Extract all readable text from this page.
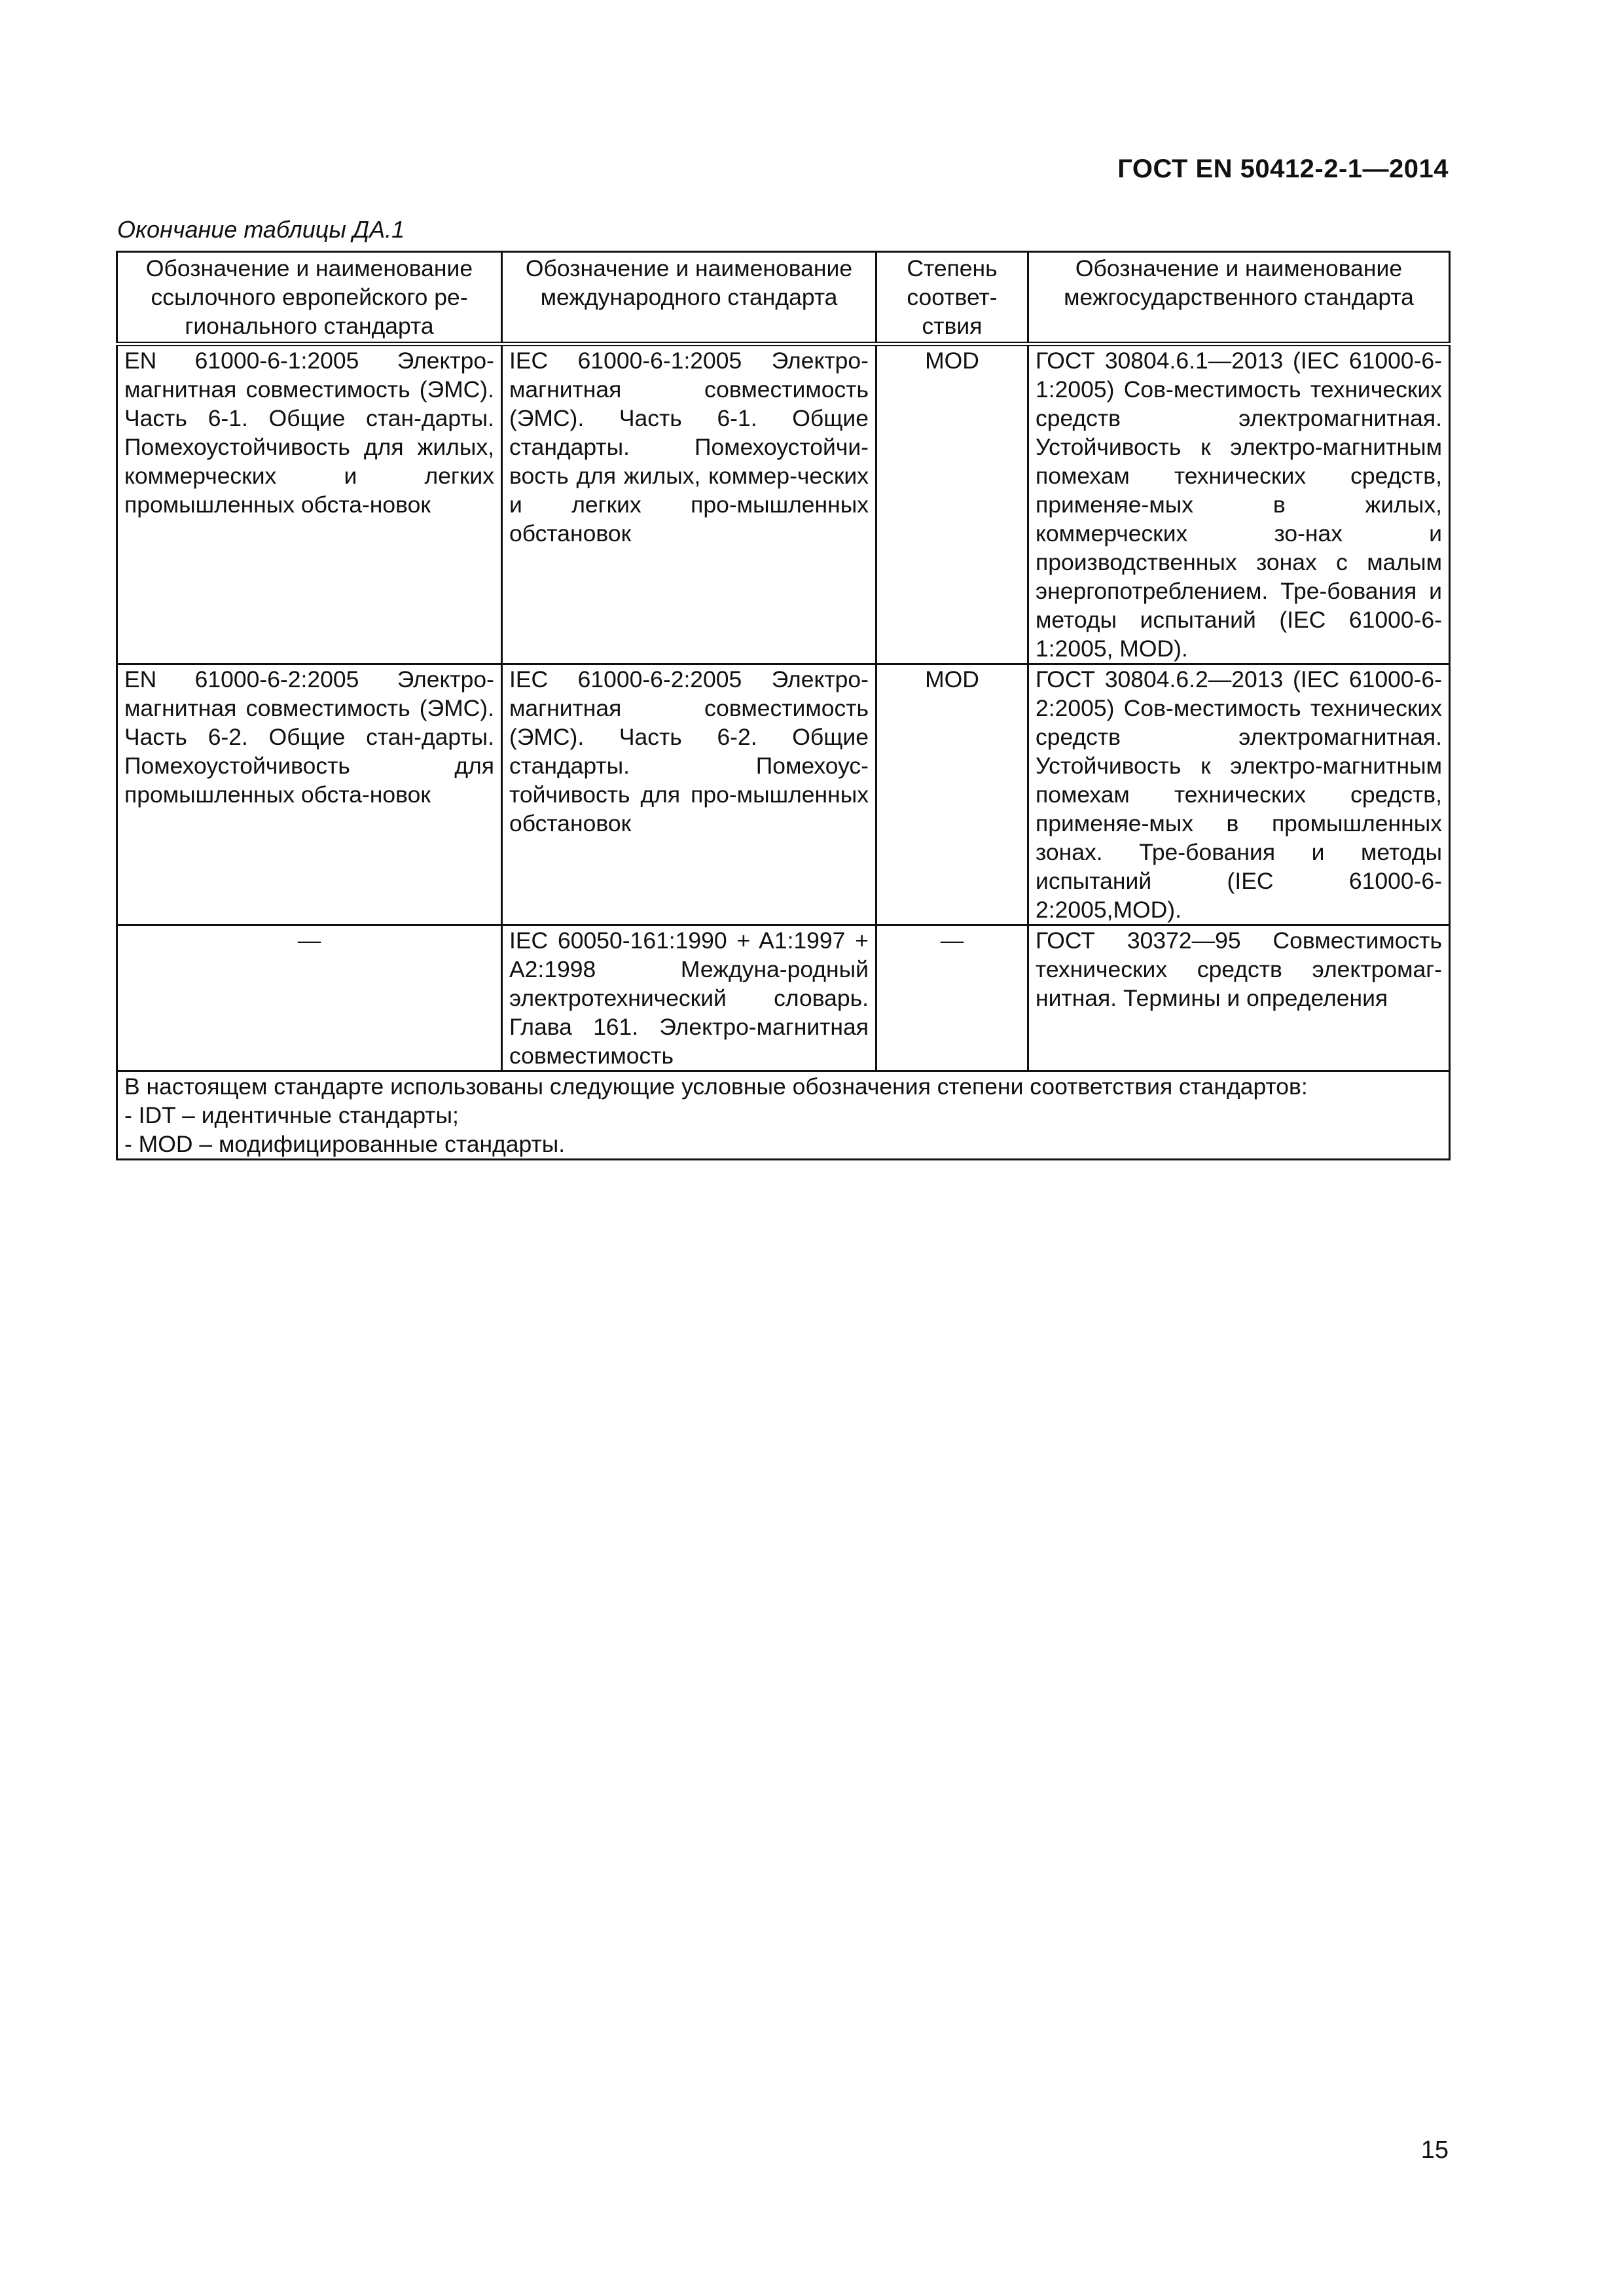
ГОСТ EN 50412-2-1—2014
Окончание таблицы ДА.1
Обозначение и наименование ссылочного европейского ре-гионального стандарта	Обозначение и наименование международного стандарта	Степень соответ-ствия	Обозначение и наименование межгосударственного стандарта
EN 61000-6-1:2005 Электро-магнитная совместимость (ЭМС). Часть 6-1. Общие стан-дарты. Помехоустойчивость для жилых, коммерческих и легких промышленных обста-новок	IEC 61000-6-1:2005 Электро-магнитная совместимость (ЭМС). Часть 6-1. Общие стандарты. Помехоустойчи-вость для жилых, коммер-ческих и легких про-мышленных обстановок	MOD	ГОСТ 30804.6.1—2013 (IEC 61000-6-1:2005) Сов-местимость технических средств электромагнитная. Устойчивость к электро-магнитным помехам технических средств, применяе-мых в жилых, коммерческих зо-нах и производственных зонах с малым энергопотреблением. Тре-бования и методы испытаний (IEC 61000-6-1:2005, MOD).
EN 61000-6-2:2005 Электро-магнитная совместимость (ЭМС). Часть 6-2. Общие стан-дарты. Помехоустойчивость для промышленных обста-новок	IEC 61000-6-2:2005 Электро-магнитная совместимость (ЭМС). Часть 6-2. Общие стандарты. Помехоус-тойчивость для про-мышленных обстановок	MOD	ГОСТ 30804.6.2—2013 (IEC 61000-6-2:2005) Сов-местимость технических средств электромагнитная. Устойчивость к электро-магнитным помехам технических средств, применяе-мых в промышленных зонах. Тре-бования и методы испытаний (IEC 61000-6-2:2005,MOD).
—	IEC 60050-161:1990 + A1:1997 + A2:1998 Междуна-родный электротехнический словарь. Глава 161. Электро-магнитная совместимость	—	ГОСТ 30372—95 Совместимость технических средств электромаг-нитная. Термины и определения

В настоящем стандарте использованы следующие условные обозначения степени соответствия стандартов:
- IDT – идентичные стандарты;
- MOD – модифицированные стандарты.			
15
